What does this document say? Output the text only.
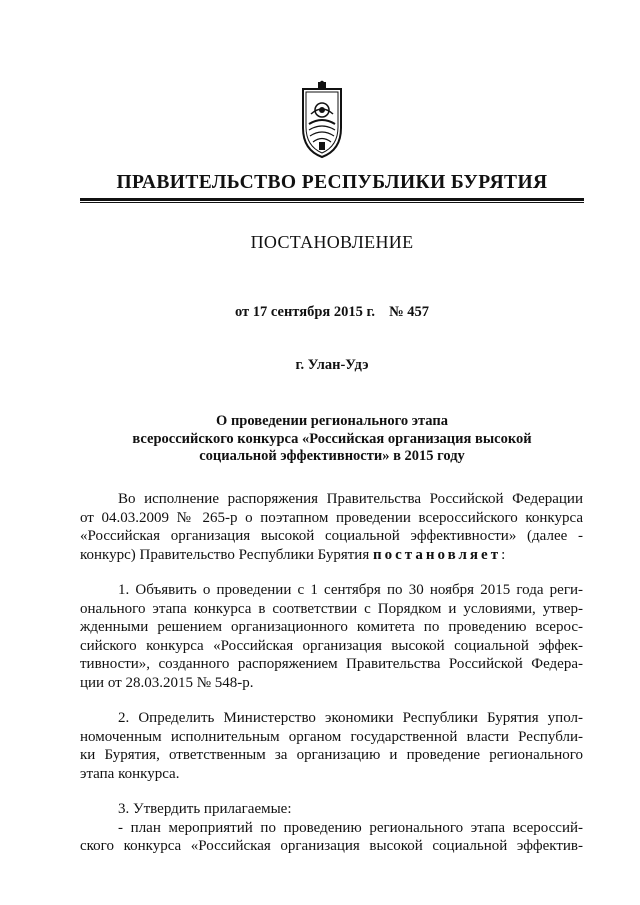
ПРАВИТЕЛЬСТВО РЕСПУБЛИКИ БУРЯТИЯ
ПОСТАНОВЛЕНИЕ
от 17 сентября 2015 г. № 457
г. Улан-Удэ
О проведении регионального этапа
всероссийского конкурса «Российская организация высокой
социальной эффективности» в 2015 году
Во исполнение распоряжения Правительства Российской Федерации
от 04.03.2009 № 265-р о поэтапном проведении всероссийского конкурса
«Российская организация высокой социальной эффективности» (далее -
конкурс) Правительство Республики Бурятия постановляет:
1. Объявить о проведении с 1 сентября по 30 ноября 2015 года реги-
онального этапа конкурса в соответствии с Порядком и условиями, утвер-
жденными решением организационного комитета по проведению всерос-
сийского конкурса «Российская организация высокой социальной эффек-
тивности», созданного распоряжением Правительства Российской Федера-
ции от 28.03.2015 № 548-р.
2. Определить Министерство экономики Республики Бурятия упол-
номоченным исполнительным органом государственной власти Республи-
ки Бурятия, ответственным за организацию и проведение регионального
этапа конкурса.
3. Утвердить прилагаемые:
- план мероприятий по проведению регионального этапа всероссий-
ского конкурса «Российская организация высокой социальной эффектив-
